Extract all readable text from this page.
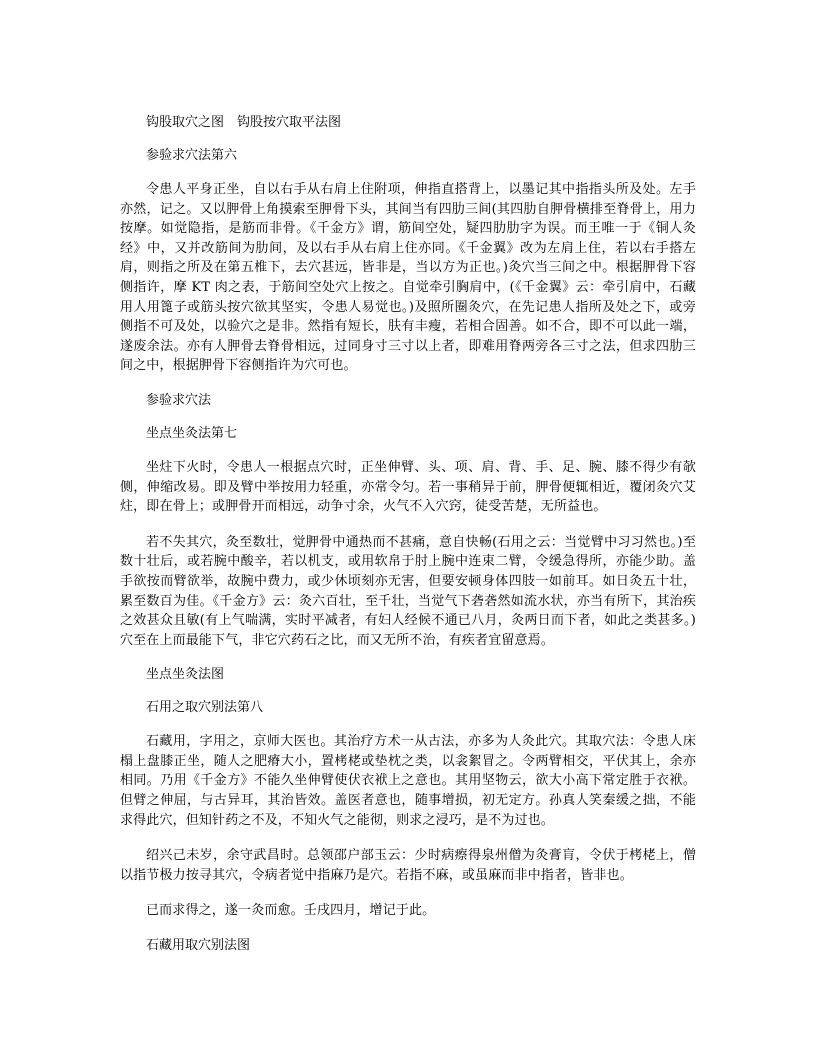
钩股取穴之图　钩股按穴取平法图
参验求穴法第六

令患人平身正坐，自以右手从右肩上住附项，伸指直搭背上，以墨记其中指指头所及处。左手亦然，记之。又以胛骨上角摸索至胛骨下头，其间当有四肋三间(其四肋自胛骨横排至脊骨上，用力按摩。如觉隐指，是筋而非骨。《千金方》谓，筋间空处，疑四肋肋字为误。而王唯一于《铜人灸经》中，又并改筋间为肋间，及以右手从右肩上住亦同。《千金翼》改为左肩上住，若以右手搭左肩，则指之所及在第五椎下，去穴甚远，皆非是，当以方为正也。)灸穴当三间之中。根据胛骨下容侧指许，摩 KT 肉之表，于筋间空处穴上按之。自觉牵引胸肩中，(《千金翼》云：牵引肩中，石藏用人用篦子或筋头按穴欲其坚实，令患人易觉也。)及照所圈灸穴，在先记患人指所及处之下，或旁侧指不可及处，以验穴之是非。然指有短长，肤有丰瘦，若相合固善。如不合，即不可以此一端，遂废余法。亦有人胛骨去脊骨相远，过同身寸三寸以上者，即难用脊两旁各三寸之法，但求四肋三间之中，根据胛骨下容侧指许为穴可也。

参验求穴法
坐点坐灸法第七

坐炷下火时，令患人一根据点穴时，正坐伸臂、头、项、肩、背、手、足、腕、膝不得少有欹侧，伸缩改易。即及臂中举按用力轻重，亦常令匀。若一事稍异于前，胛骨便辄相近，覆闭灸穴艾炷，即在骨上；或胛骨开而相远，动争寸余，火气不入穴窍，徒受苦楚，无所益也。

若不失其穴，灸至数壮，觉胛骨中通热而不甚痛，意自快畅(石用之云：当觉臂中习习然也。)至数十壮后，或若腕中酸辛，若以机支，或用软帛于肘上腕中连束二臂，令缓急得所，亦能少助。盖手欲按而臂欲举，故腕中费力，或少休顷刻亦无害，但要安顿身体四肢一如前耳。如日灸五十壮，累至数百为佳。《千金方》云：灸六百壮，至千壮，当觉气下砻砻然如流水状，亦当有所下，其治疾之效甚众且敏(有上气喘满，实时平减者，有妇人经候不通已八月，灸两日而下者，如此之类甚多。)穴至在上而最能下气，非它穴药石之比，而又无所不治，有疾者宜留意焉。

坐点坐灸法图
石用之取穴别法第八

石藏用，字用之，京师大医也。其治疗方术一从古法，亦多为人灸此穴。其取穴法：令患人床榻上盘膝正坐，随人之肥瘠大小，置栲栳或垫枕之类，以衾絮冒之。令两臂相交，平伏其上，余亦相同。乃用《千金方》不能久坐伸臂使伏衣袱上之意也。其用坚物云，欲大小高下常定胜于衣袱。但臂之伸屈，与古异耳，其治皆效。盖医者意也，随事增损，初无定方。孙真人笑秦缓之拙，不能求得此穴，但知针药之不及，不知火气之能彻，则求之浸巧，是不为过也。

绍兴己未岁，余守武昌时。总领邵户部玉云：少时病瘵得泉州僧为灸膏肓，令伏于栲栳上，僧以指节极力按寻其穴，令病者觉中指麻乃是穴。若指不麻，或虽麻而非中指者，皆非也。

已而求得之，遂一灸而愈。壬戌四月，增记于此。

石藏用取穴别法图
